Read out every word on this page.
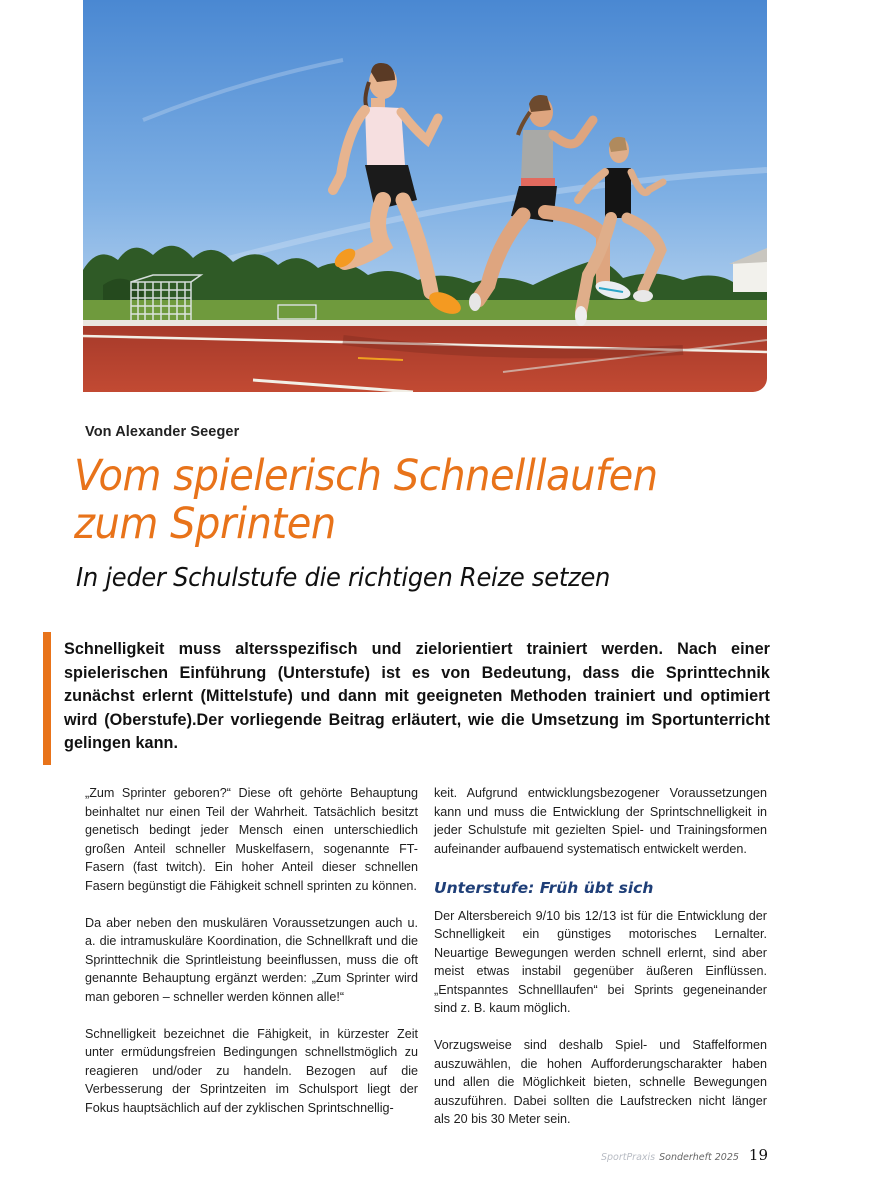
Von Alexander Seeger
Vom spielerisch Schnelllaufen
zum Sprinten
In jeder Schulstufe die richtigen Reize setzen

Schnelligkeit muss altersspezifisch und zielorientiert trainiert werden. Nach einer spielerischen Einführung (Unterstufe) ist es von Bedeutung, dass die Sprinttechnik zunächst erlernt (Mittelstufe) und dann mit geeigneten Methoden trainiert und optimiert wird (Oberstufe).Der vorliegende Beitrag erläutert, wie die Umsetzung im Sportunterricht gelingen kann.

„Zum Sprinter geboren?“ Diese oft gehörte Behauptung beinhaltet nur einen Teil der Wahrheit. Tatsächlich besitzt genetisch bedingt jeder Mensch einen unterschiedlich großen Anteil schneller Muskelfasern, sogenannte FT-Fasern (fast twitch). Ein hoher Anteil dieser schnellen Fasern begünstigt die Fähigkeit schnell sprinten zu können.

Da aber neben den muskulären Voraussetzungen auch u. a. die intramuskuläre Koordination, die Schnellkraft und die Sprinttechnik die Sprintleistung beeinflussen, muss die oft genannte Behauptung ergänzt werden: „Zum Sprinter wird man geboren – schneller werden können alle!“

Schnelligkeit bezeichnet die Fähigkeit, in kürzester Zeit unter ermüdungsfreien Bedingungen schnellstmöglich zu reagieren und/oder zu handeln. Bezogen auf die Verbesserung der Sprintzeiten im Schulsport liegt der Fokus hauptsächlich auf der zyklischen Sprintschnellig-

keit. Aufgrund entwicklungsbezogener Voraussetzungen kann und muss die Entwicklung der Sprintschnelligkeit in jeder Schulstufe mit gezielten Spiel- und Trainingsformen aufeinander aufbauend systematisch entwickelt werden.

Unterstufe: Früh übt sich

Der Altersbereich 9/10 bis 12/13 ist für die Entwicklung der Schnelligkeit ein günstiges motorisches Lernalter. Neuartige Bewegungen werden schnell erlernt, sind aber meist etwas instabil gegenüber äußeren Einflüssen. „Entspanntes Schnelllaufen“ bei Sprints gegeneinander sind z. B. kaum möglich.

Vorzugsweise sind deshalb Spiel- und Staffelformen auszuwählen, die hohen Aufforderungscharakter haben und allen die Möglichkeit bieten, schnelle Bewegungen auszuführen. Dabei sollten die Laufstrecken nicht länger als 20 bis 30 Meter sein.

SportPraxis Sonderheft 2025 19
